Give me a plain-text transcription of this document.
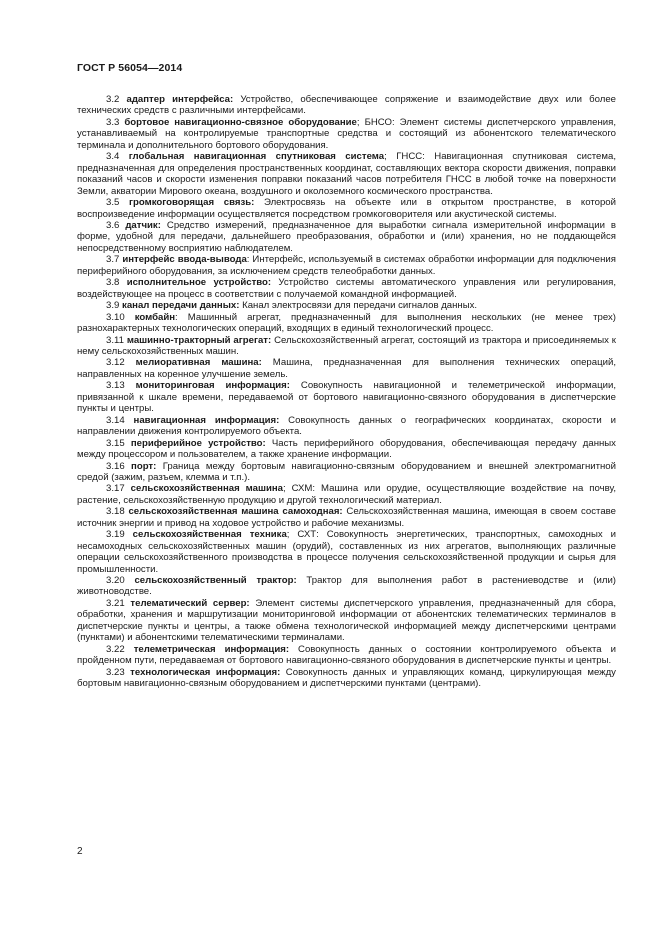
ГОСТ Р 56054—2014

3.2 адаптер интерфейса: Устройство, обеспечивающее сопряжение и взаимодействие двух или более технических средств с различными интерфейсами.

3.3 бортовое навигационно-связное оборудование; БНСО: Элемент системы диспетчерского управления, устанавливаемый на контролируемые транспортные средства и состоящий из абонентского телематического терминала и дополнительного бортового оборудования.

3.4 глобальная навигационная спутниковая система; ГНСС: Навигационная спутниковая система, предназначенная для определения пространственных координат, составляющих вектора скорости движения, поправки показаний часов и скорости изменения поправки показаний часов потребителя ГНСС в любой точке на поверхности Земли, акватории Мирового океана, воздушного и околоземного космического пространства.

3.5 громкоговорящая связь: Электросвязь на объекте или в открытом пространстве, в которой воспроизведение информации осуществляется посредством громкоговорителя или акустической системы.

3.6 датчик: Средство измерений, предназначенное для выработки сигнала измерительной информации в форме, удобной для передачи, дальнейшего преобразования, обработки и (или) хранения, но не поддающейся непосредственному восприятию наблюдателем.

3.7 интерфейс ввода-вывода: Интерфейс, используемый в системах обработки информации для подключения периферийного оборудования, за исключением средств телеобработки данных.

3.8 исполнительное устройство: Устройство системы автоматического управления или регулирования, воздействующее на процесс в соответствии с получаемой командной информацией.

3.9 канал передачи данных: Канал электросвязи для передачи сигналов данных.

3.10 комбайн: Машинный агрегат, предназначенный для выполнения нескольких (не менее трех) разнохарактерных технологических операций, входящих в единый технологический процесс.

3.11 машинно-тракторный агрегат: Сельскохозяйственный агрегат, состоящий из трактора и присоединяемых к нему сельскохозяйственных машин.

3.12 мелиоративная машина: Машина, предназначенная для выполнения технических операций, направленных на коренное улучшение земель.

3.13 мониторинговая информация: Совокупность навигационной и телеметрической информации, привязанной к шкале времени, передаваемой от бортового навигационно-связного оборудования в диспетчерские пункты и центры.

3.14 навигационная информация: Совокупность данных о географических координатах, скорости и направлении движения контролируемого объекта.

3.15 периферийное устройство: Часть периферийного оборудования, обеспечивающая передачу данных между процессором и пользователем, а также хранение информации.

3.16 порт: Граница между бортовым навигационно-связным оборудованием и внешней электромагнитной средой (зажим, разъем, клемма и т.п.).

3.17 сельскохозяйственная машина; СХМ: Машина или орудие, осуществляющие воздействие на почву, растение, сельскохозяйственную продукцию и другой технологический материал.

3.18 сельскохозяйственная машина самоходная: Сельскохозяйственная машина, имеющая в своем составе источник энергии и привод на ходовое устройство и рабочие механизмы.

3.19 сельскохозяйственная техника; СХТ: Совокупность энергетических, транспортных, самоходных и несамоходных сельскохозяйственных машин (орудий), составленных из них агрегатов, выполняющих различные операции сельскохозяйственного производства в процессе получения сельскохозяйственной продукции и сырья для промышленности.

3.20 сельскохозяйственный трактор: Трактор для выполнения работ в растениеводстве и (или) животноводстве.

3.21 телематический сервер: Элемент системы диспетчерского управления, предназначенный для сбора, обработки, хранения и маршрутизации мониторинговой информации от абонентских телематических терминалов в диспетчерские пункты и центры, а также обмена технологической информацией между диспетчерскими центрами (пунктами) и абонентскими телематическими терминалами.

3.22 телеметрическая информация: Совокупность данных о состоянии контролируемого объекта и пройденном пути, передаваемая от бортового навигационно-связного оборудования в диспетчерские пункты и центры.

3.23 технологическая информация: Совокупность данных и управляющих команд, циркулирующая между бортовым навигационно-связным оборудованием и диспетчерскими пунктами (центрами).

2
